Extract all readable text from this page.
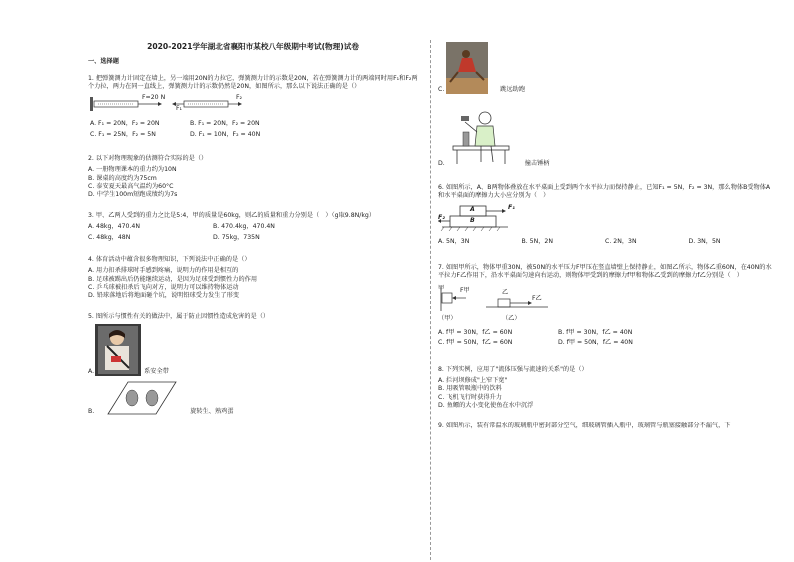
2020-2021学年湖北省襄阳市某校八年级期中考试(物理)试卷
一、选择题
1. 把弹簧测力计固定在墙上，另一端用20N的力拉它，弹簧测力计的示数是20N，若在弹簧测力计的两端同时用F₁和F₂两个力拉，两力在同一直线上，弹簧测力计的示数仍然是20N，如图所示，那么以下说法正确的是（）
F=20 N
F₁
F₂
A. F₁ = 20N，F₂ = 20N	B. F₁ = 20N，F₂ = 20N
C. F₁ = 25N，F₂ = 5N	D. F₁ = 10N，F₂ = 40N
2. 以下对物理现象的估测符合实际的是（）
A. 一册物理课本的重力约为10N
B. 课桌的高度约为75cm
C. 泰安夏天最高气温约为60°C
D. 中学生100m短跑成绩约为7s
3. 甲、乙两人受到的重力之比是5:4，甲的质量是60kg，则乙的质量和重力分别是（　）（g取9.8N/kg）
A. 48kg，470.4N	B. 470.4kg，470.4N
C. 48kg，48N	D. 75kg，735N
4. 体育活动中蕴含很多物理知识，下列说法中正确的是（）
A. 用力扣杀排球时手感到疼痛，说明力的作用是相互的
B. 足球被踢出后仍能继续运动，是因为足球受到惯性力的作用
C. 乒乓球被扣杀后飞向对方，说明力可以维持物体运动
D. 铅球落地后将地面砸个坑，说明铅球受力发生了形变
5. 图所示与惯性有关的做法中，属于防止因惯性造成危害的是（）
A.	系安全带
B.	旋转生、熟鸡蛋
C.	跳远助跑
D.	撞击锤柄
6. 如图所示，A、B两物体叠放在水平桌面上受到两个水平拉力而保持静止，已知F₁ = 5N，F₂ = 3N，那么物体B受物体A和水平桌面的摩擦力大小应分别为（　）
A
B
F₁
F₂
A. 5N，3N	B. 5N，2N	C. 2N，3N	D. 3N，5N
7. 如图甲所示，物体甲重30N，被50N的水平压力F甲压在竖直墙壁上保持静止，如图乙所示，物体乙重60N，在40N的水平拉力F乙作用下，沿水平桌面匀速向右运动，则物体甲受到的摩擦力f甲和物体乙受到的摩擦力f乙分别是（　）
甲	F甲	乙
F乙
（甲）	（乙）
A. f甲 = 30N，f乙 = 60N	B. f甲 = 30N，f乙 = 40N
C. f甲 = 50N，f乙 = 60N	D. f甲 = 50N，f乙 = 40N
8. 下列实例，应用了"流体压强与流速的关系"的是（）
A. 拦河坝修成"上窄下宽"
B. 用吸管吸瓶中的饮料
C. 飞机飞行时获得升力
D. 鱼鳔的大小变化使鱼在水中沉浮
9. 如图所示，装有常温水的玻璃瓶中密封部分空气，细玻璃管插入瓶中，玻璃管与瓶塞接触部分不漏气，下
